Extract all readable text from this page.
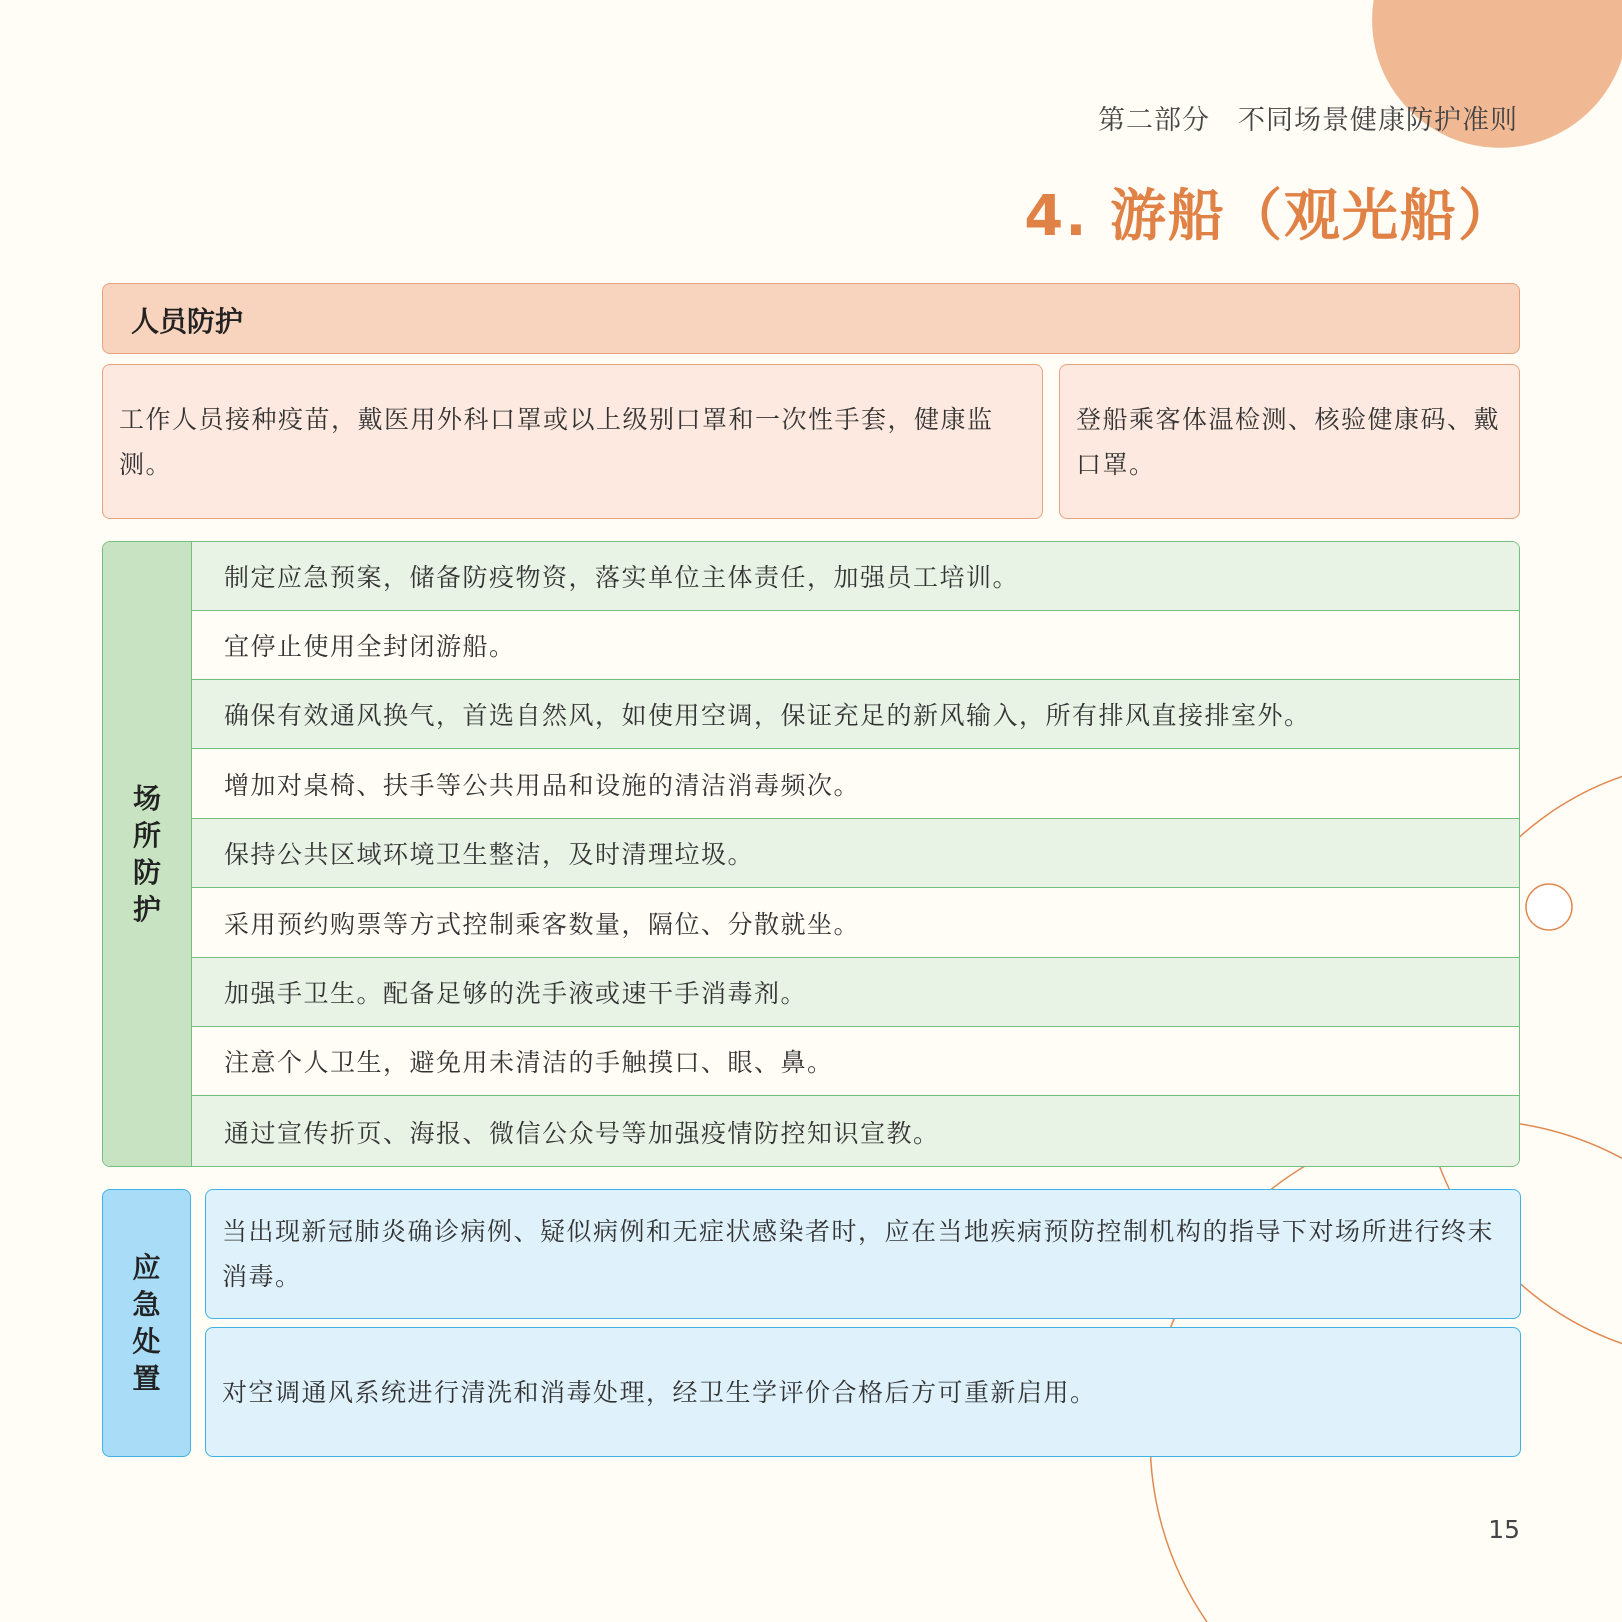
第二部分　不同场景健康防护准则
4. 游船（观光船）
人员防护
工作人员接种疫苗，戴医用外科口罩或以上级别口罩和一次性手套，健康监测。
登船乘客体温检测、核验健康码、戴口罩。
场所防护
制定应急预案，储备防疫物资，落实单位主体责任，加强员工培训。
宜停止使用全封闭游船。
确保有效通风换气，首选自然风，如使用空调，保证充足的新风输入，所有排风直接排室外。
增加对桌椅、扶手等公共用品和设施的清洁消毒频次。
保持公共区域环境卫生整洁，及时清理垃圾。
采用预约购票等方式控制乘客数量，隔位、分散就坐。
加强手卫生。配备足够的洗手液或速干手消毒剂。
注意个人卫生，避免用未清洁的手触摸口、眼、鼻。
通过宣传折页、海报、微信公众号等加强疫情防控知识宣教。
应急处置
当出现新冠肺炎确诊病例、疑似病例和无症状感染者时，应在当地疾病预防控制机构的指导下对场所进行终末消毒。
对空调通风系统进行清洗和消毒处理，经卫生学评价合格后方可重新启用。
15
